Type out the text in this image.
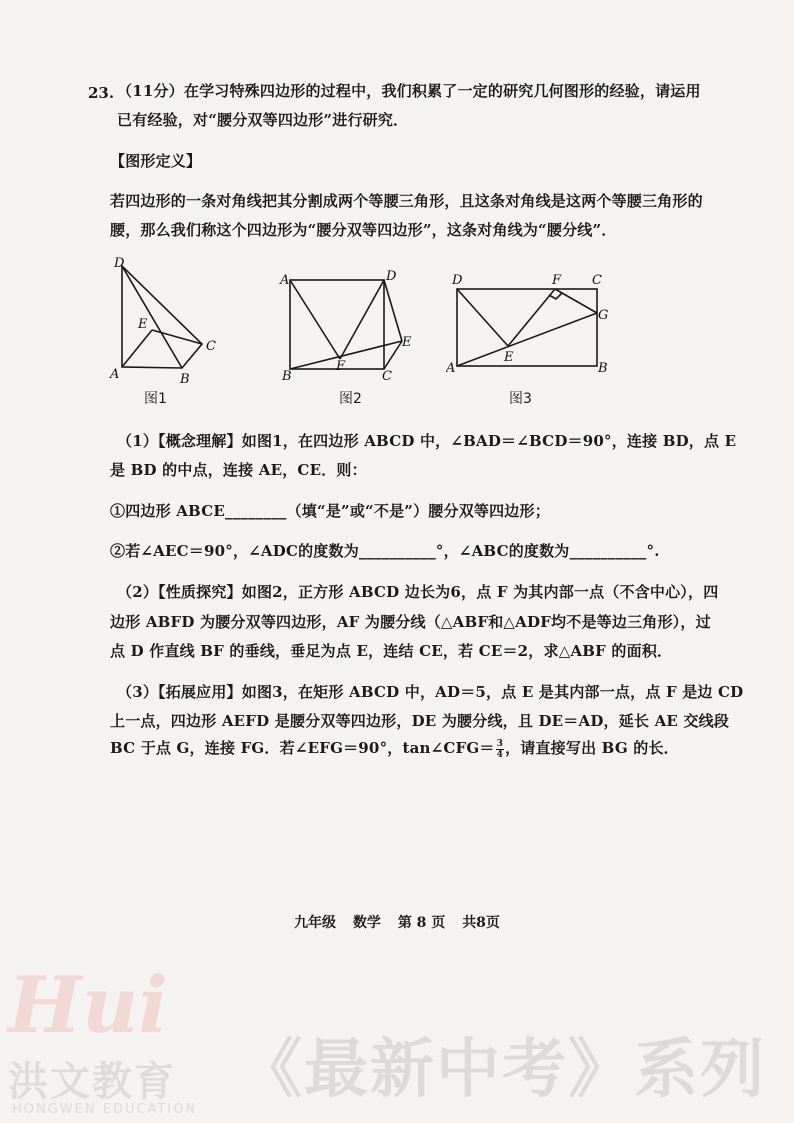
23. （11分）在学习特殊四边形的过程中，我们积累了一定的研究几何图形的经验，请运用
已有经验，对“腰分双等四边形”进行研究．
【图形定义】
若四边形的一条对角线把其分割成两个等腰三角形，且这条对角线是这两个等腰三角形的
腰，那么我们称这个四边形为“腰分双等四边形”，这条对角线为“腰分线”．
D
E
C
A	B
图1
A	D
E
F
B	C
图2
D	F C
G
E
A	B
图3
（1）【概念理解】如图1，在四边形 ABCD 中，∠BAD＝∠BCD＝90°，连接 BD，点 E
是 BD 的中点，连接 AE，CE．则：
①四边形 ABCE________（填“是”或“不是”）腰分双等四边形；
②若∠AEC＝90°，∠ADC的度数为__________°，∠ABC的度数为__________°.
（2）【性质探究】如图2，正方形 ABCD 边长为6，点 F 为其内部一点（不含中心），四
边形 ABFD 为腰分双等四边形，AF 为腰分线（△ABF和△ADF均不是等边三角形），过
点 D 作直线 BF 的垂线，垂足为点 E，连结 CE，若 CE＝2，求△ABF 的面积．
（3）【拓展应用】如图3，在矩形 ABCD 中，AD＝5，点 E 是其内部一点，点 F 是边 CD
上一点，四边形 AEFD 是腰分双等四边形，DE 为腰分线，且 DE＝AD，延长 AE 交线段
BC 于点 G，连接 FG．若∠EFG＝90°，tan∠CFG＝ $\frac{3}{4}$ ，请直接写出 BG 的长．
九年级 数学 第 8 页 共8页
Hui
洪文教育
HONGWEN EDUCATION
《最新中考》系列
